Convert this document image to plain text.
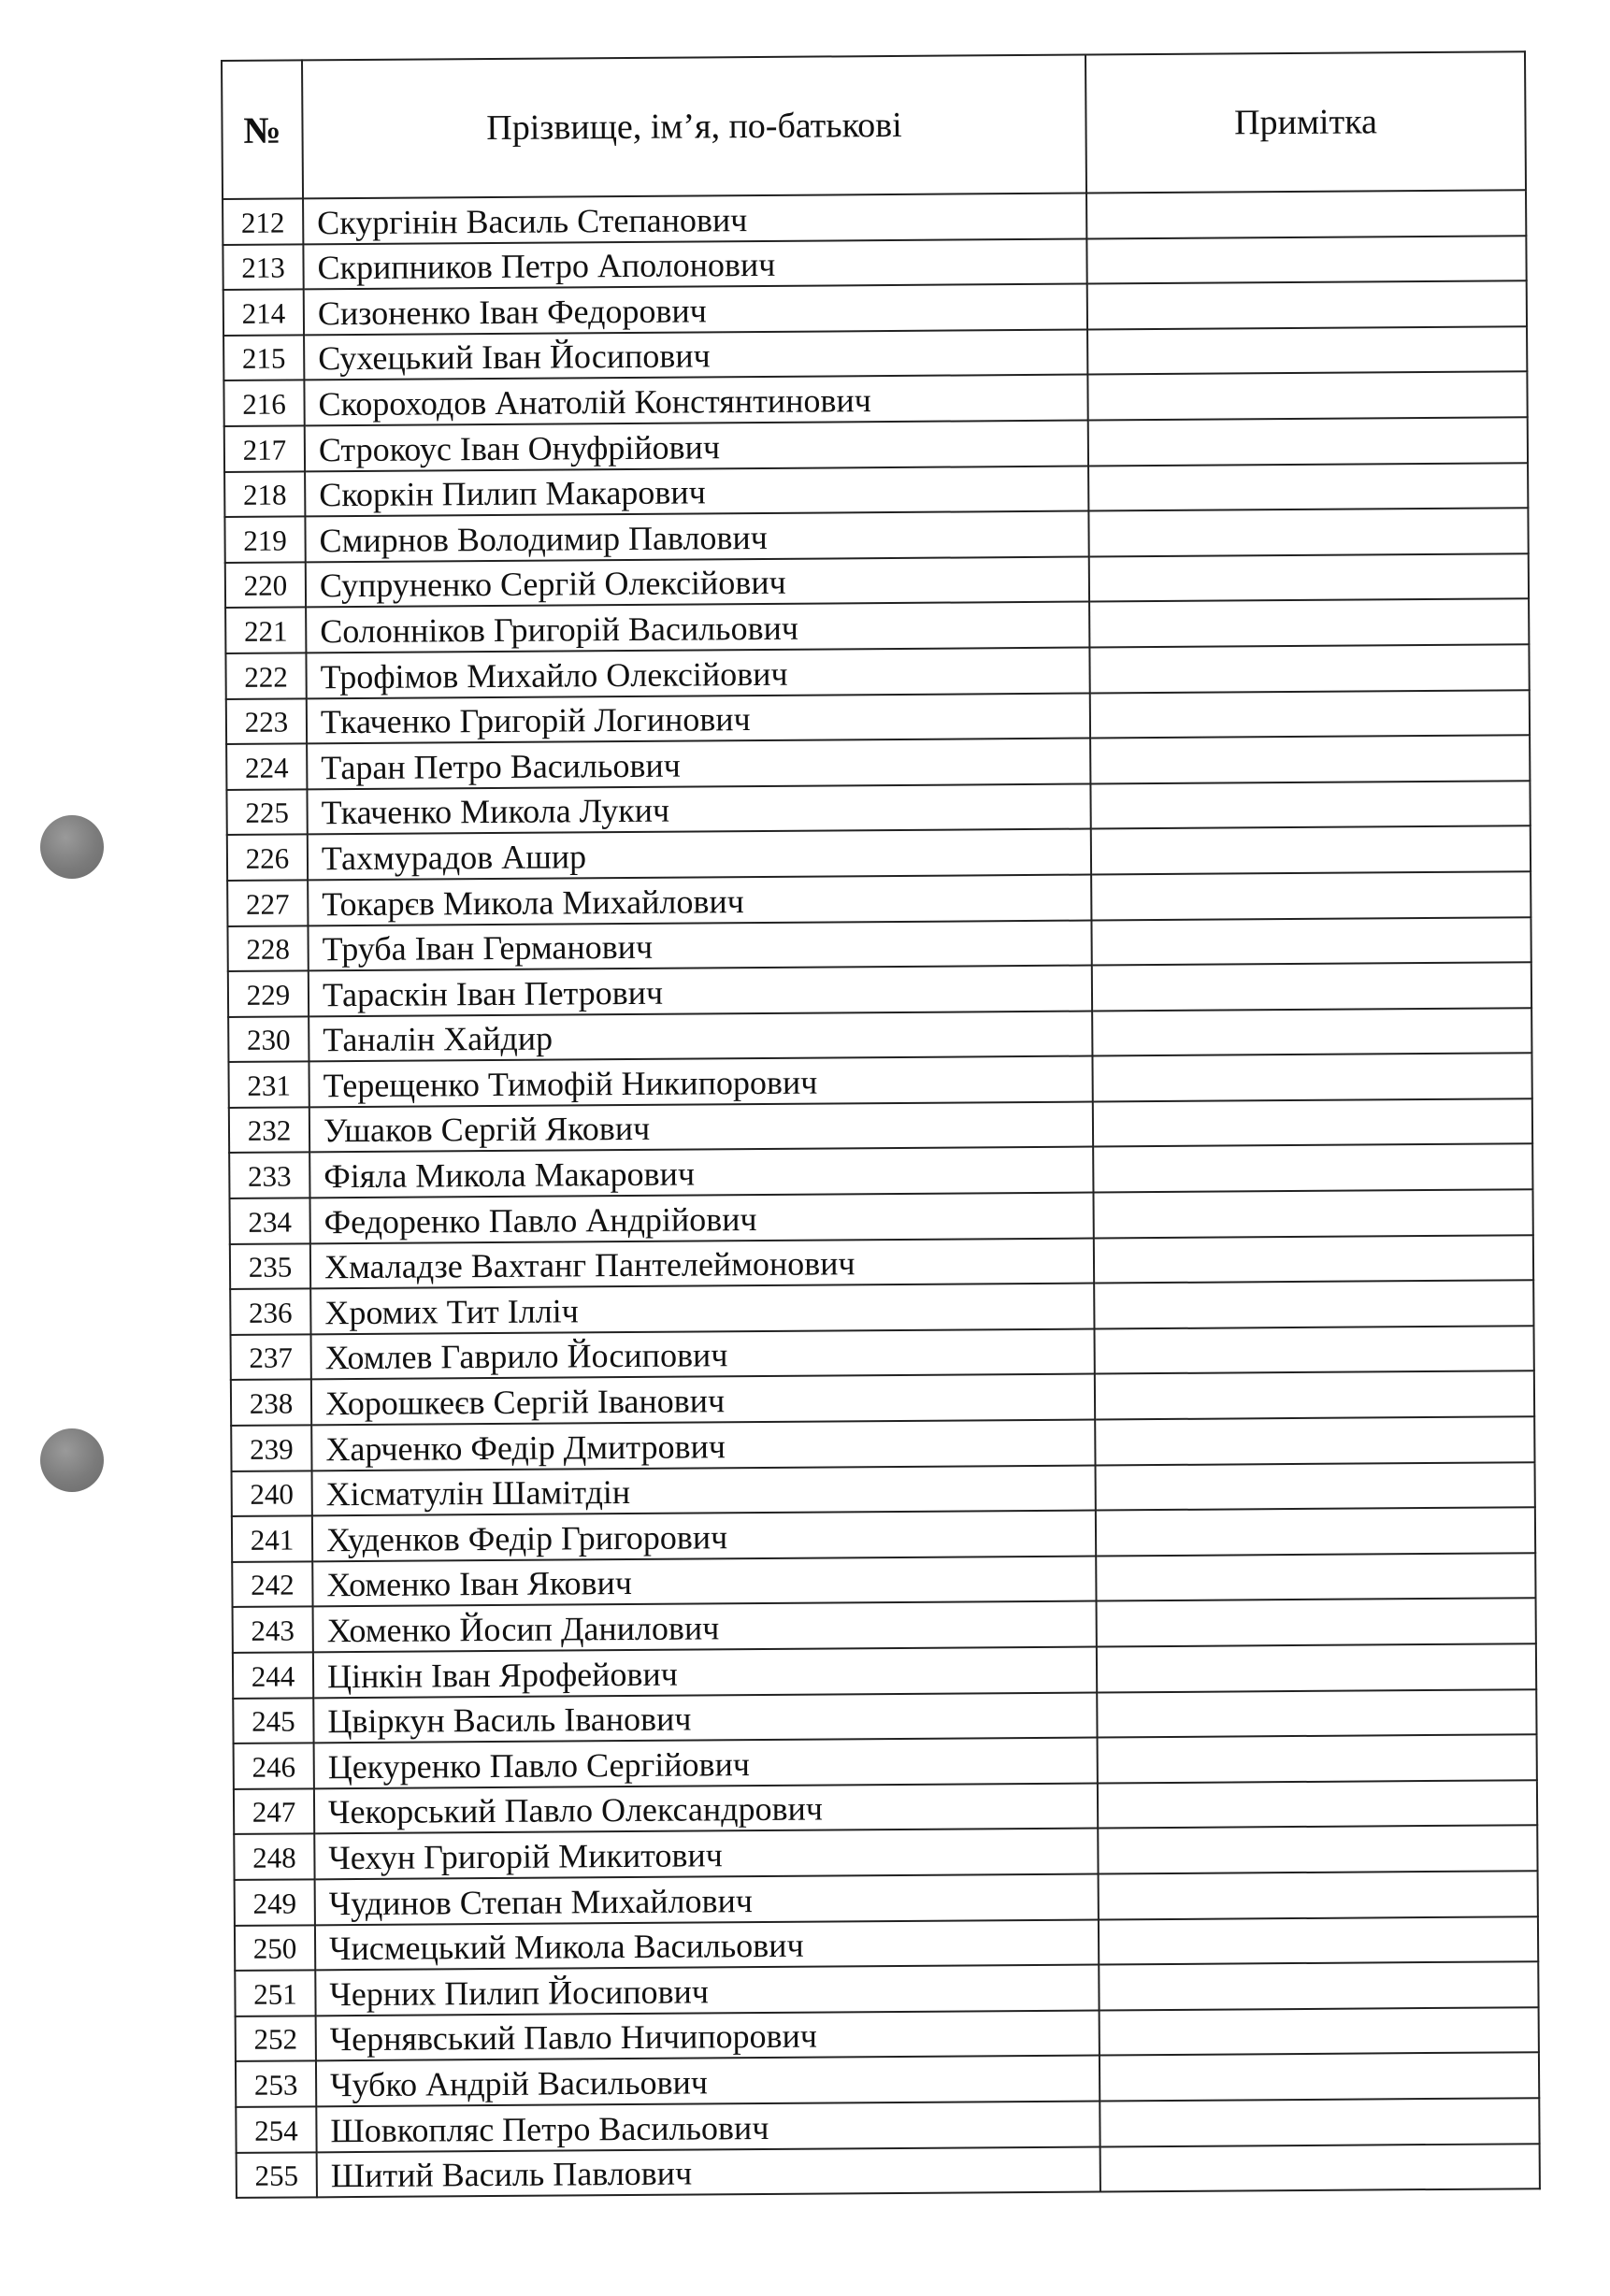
№	Прізвище, ім’я, по-батькові	Примітка
212	Скургінін Василь Степанович	
213	Скрипников Петро Аполонович	
214	Сизоненко Іван Федорович	
215	Сухецький Іван Йосипович	
216	Скороходов Анатолій Констянтинович	
217	Строкоус Іван Онуфрійович	
218	Скоркін Пилип Макарович	
219	Смирнов Володимир Павлович	
220	Супруненко Сергій Олексійович	
221	Солонніков Григорій Васильович	
222	Трофімов Михайло Олексійович	
223	Ткаченко Григорій Логинович	
224	Таран Петро Васильович	
225	Ткаченко Микола Лукич	
226	Тахмурадов Ашир	
227	Токарєв Микола Михайлович	
228	Труба Іван Германович	
229	Тараскін Іван Петрович	
230	Таналін Хайдир	
231	Терещенко Тимофій Никипорович	
232	Ушаков Сергій Якович	
233	Фіяла Микола Макарович	
234	Федоренко Павло Андрійович	
235	Хмаладзе Вахтанг Пантелеймонович	
236	Хромих Тит Ілліч	
237	Хомлев Гаврило Йосипович	
238	Хорошкеєв Сергій Іванович	
239	Харченко Федір Дмитрович	
240	Хісматулін Шамітдін	
241	Худенков Федір Григорович	
242	Хоменко Іван Якович	
243	Хоменко Йосип Данилович	
244	Цінкін Іван Ярофейович	
245	Цвіркун Василь Іванович	
246	Цекуренко Павло Сергійович	
247	Чекорський Павло Олександрович	
248	Чехун Григорій Микитович	
249	Чудинов Степан Михайлович	
250	Чисмецький Микола Васильович	
251	Черних Пилип Йосипович	
252	Чернявський Павло Ничипорович	
253	Чубко Андрій Васильович	
254	Шовкопляс Петро Васильович	
255	Шитий Василь Павлович	
